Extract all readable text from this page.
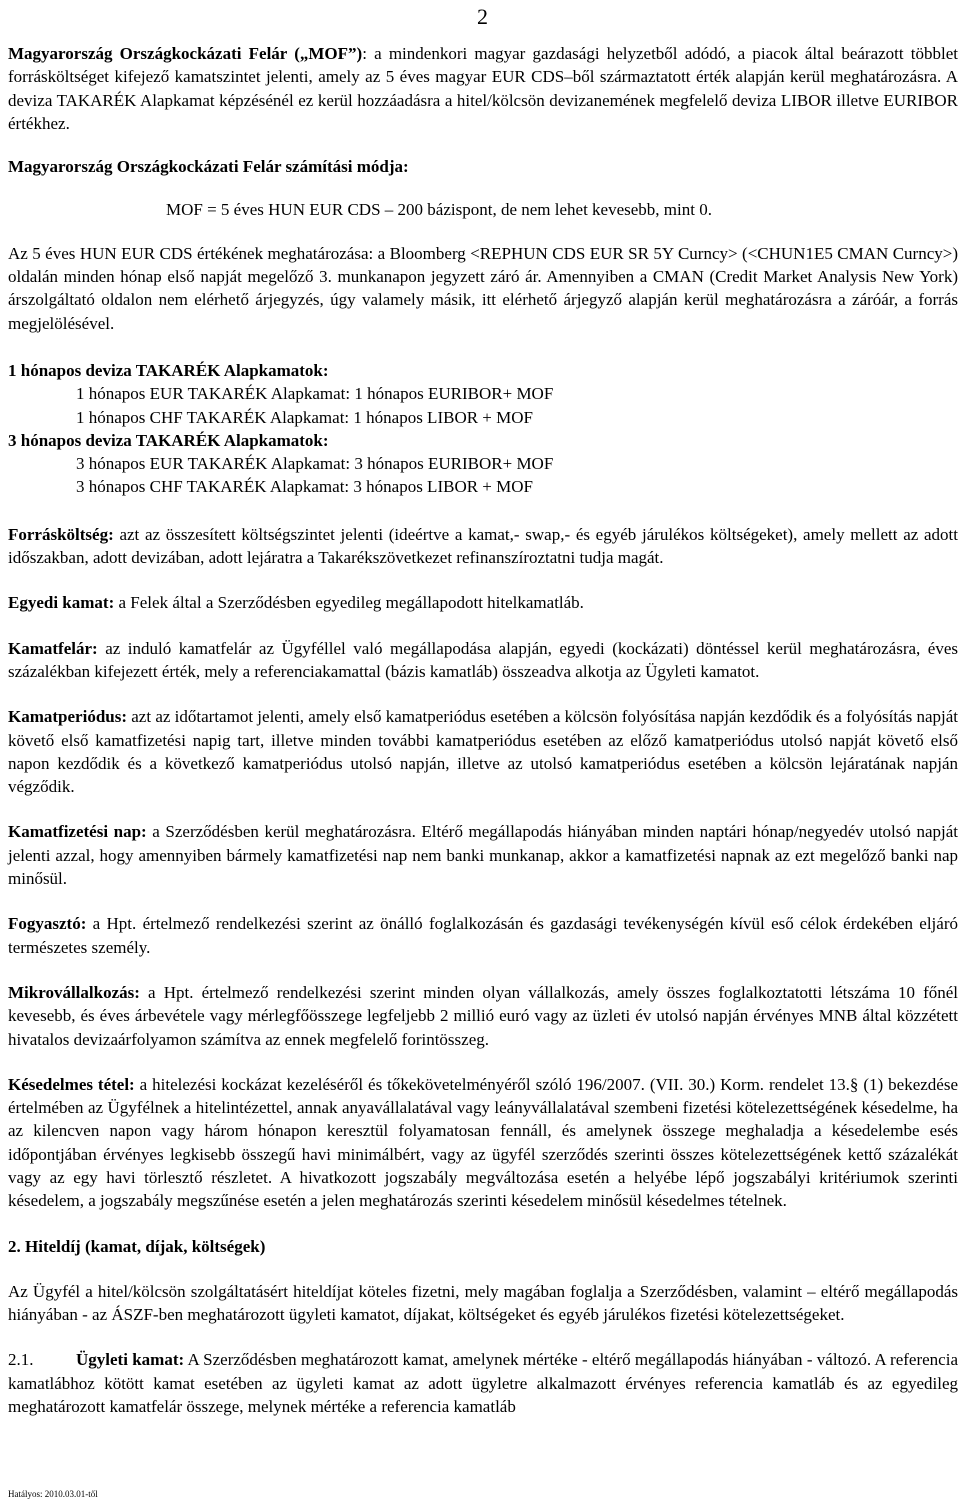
2

Magyarország Országkockázati Felár („MOF”): a mindenkori magyar gazdasági helyzetből adódó, a piacok által beárazott többlet forrásköltséget kifejező kamatszintet jelenti, amely az 5 éves magyar EUR CDS–ből származtatott érték alapján kerül meghatározásra. A deviza TAKARÉK Alapkamat képzésénél ez kerül hozzáadásra a hitel/kölcsön devizanemének megfelelő deviza LIBOR illetve EURIBOR értékhez.

Magyarország Országkockázati Felár számítási módja:

MOF = 5 éves HUN EUR CDS – 200 bázispont, de nem lehet kevesebb, mint 0.

Az 5 éves HUN EUR CDS értékének meghatározása: a Bloomberg <REPHUN CDS EUR SR 5Y Curncy> (<CHUN1E5 CMAN Curncy>) oldalán minden hónap első napját megelőző 3. munkanapon jegyzett záró ár. Amennyiben a CMAN (Credit Market Analysis New York) árszolgáltató oldalon nem elérhető árjegyzés, úgy valamely másik, itt elérhető árjegyző alapján kerül meghatározásra a záróár, a forrás megjelölésével.

1 hónapos deviza TAKARÉK Alapkamatok:

1 hónapos EUR TAKARÉK Alapkamat: 1 hónapos EURIBOR+ MOF

1 hónapos CHF TAKARÉK Alapkamat: 1 hónapos LIBOR + MOF

3 hónapos deviza TAKARÉK Alapkamatok:

3 hónapos EUR TAKARÉK Alapkamat: 3 hónapos EURIBOR+ MOF

3 hónapos CHF TAKARÉK Alapkamat: 3 hónapos LIBOR + MOF

Forrásköltség: azt az összesített költségszintet jelenti (ideértve a kamat,- swap,- és egyéb járulékos költségeket), amely mellett az adott időszakban, adott devizában, adott lejáratra a Takarékszövetkezet refinanszíroztatni tudja magát.

Egyedi kamat: a Felek által a Szerződésben egyedileg megállapodott hitelkamatláb.

Kamatfelár: az induló kamatfelár az Ügyféllel való megállapodása alapján, egyedi (kockázati) döntéssel kerül meghatározásra, éves százalékban kifejezett érték, mely a referenciakamattal (bázis kamatláb) összeadva alkotja az Ügyleti kamatot.

Kamatperiódus: azt az időtartamot jelenti, amely első kamatperiódus esetében a kölcsön folyósítása napján kezdődik és a folyósítás napját követő első kamatfizetési napig tart, illetve minden további kamatperiódus esetében az előző kamatperiódus utolsó napját követő első napon kezdődik és a következő kamatperiódus utolsó napján, illetve az utolsó kamatperiódus esetében a kölcsön lejáratának napján végződik.

Kamatfizetési nap: a Szerződésben kerül meghatározásra. Eltérő megállapodás hiányában minden naptári hónap/negyedév utolsó napját jelenti azzal, hogy amennyiben bármely kamatfizetési nap nem banki munkanap, akkor a kamatfizetési napnak az ezt megelőző banki nap minősül.

Fogyasztó: a Hpt. értelmező rendelkezési szerint az önálló foglalkozásán és gazdasági tevékenységén kívül eső célok érdekében eljáró természetes személy.

Mikrovállalkozás: a Hpt. értelmező rendelkezési szerint minden olyan vállalkozás, amely összes foglalkoztatotti létszáma 10 főnél kevesebb, és éves árbevétele vagy mérlegfőösszege legfeljebb 2 millió euró vagy az üzleti év utolsó napján érvényes MNB által közzétett hivatalos devizaárfolyamon számítva az ennek megfelelő forintösszeg.

Késedelmes tétel: a hitelezési kockázat kezeléséről és tőkekövetelményéről szóló 196/2007. (VII. 30.) Korm. rendelet 13.§ (1) bekezdése értelmében az Ügyfélnek a hitelintézettel, annak anyavállalatával vagy leányvállalatával szembeni fizetési kötelezettségének késedelme, ha az kilencven napon vagy három hónapon keresztül folyamatosan fennáll, és amelynek összege meghaladja a késedelembe esés időpontjában érvényes legkisebb összegű havi minimálbért, vagy az ügyfél szerződés szerinti összes kötelezettségének kettő százalékát vagy az egy havi törlesztő részletet. A hivatkozott jogszabály megváltozása esetén a helyébe lépő jogszabályi kritériumok szerinti késedelem, a jogszabály megszűnése esetén a jelen meghatározás szerinti késedelem minősül késedelmes tételnek.

2. Hiteldíj (kamat, díjak, költségek)

Az Ügyfél a hitel/kölcsön szolgáltatásért hiteldíjat köteles fizetni, mely magában foglalja a Szerződésben, valamint – eltérő megállapodás hiányában - az ÁSZF-ben meghatározott ügyleti kamatot, díjakat, költségeket és egyéb járulékos fizetési kötelezettségeket.

2.1.	Ügyleti kamat: A Szerződésben meghatározott kamat, amelynek mértéke - eltérő megállapodás hiányában - változó. A referencia kamatlábhoz kötött kamat esetében az ügyleti kamat az adott ügyletre alkalmazott érvényes referencia kamatláb és az egyedileg meghatározott kamatfelár összege, melynek mértéke a referencia kamatláb

Hatályos: 2010.03.01-től
